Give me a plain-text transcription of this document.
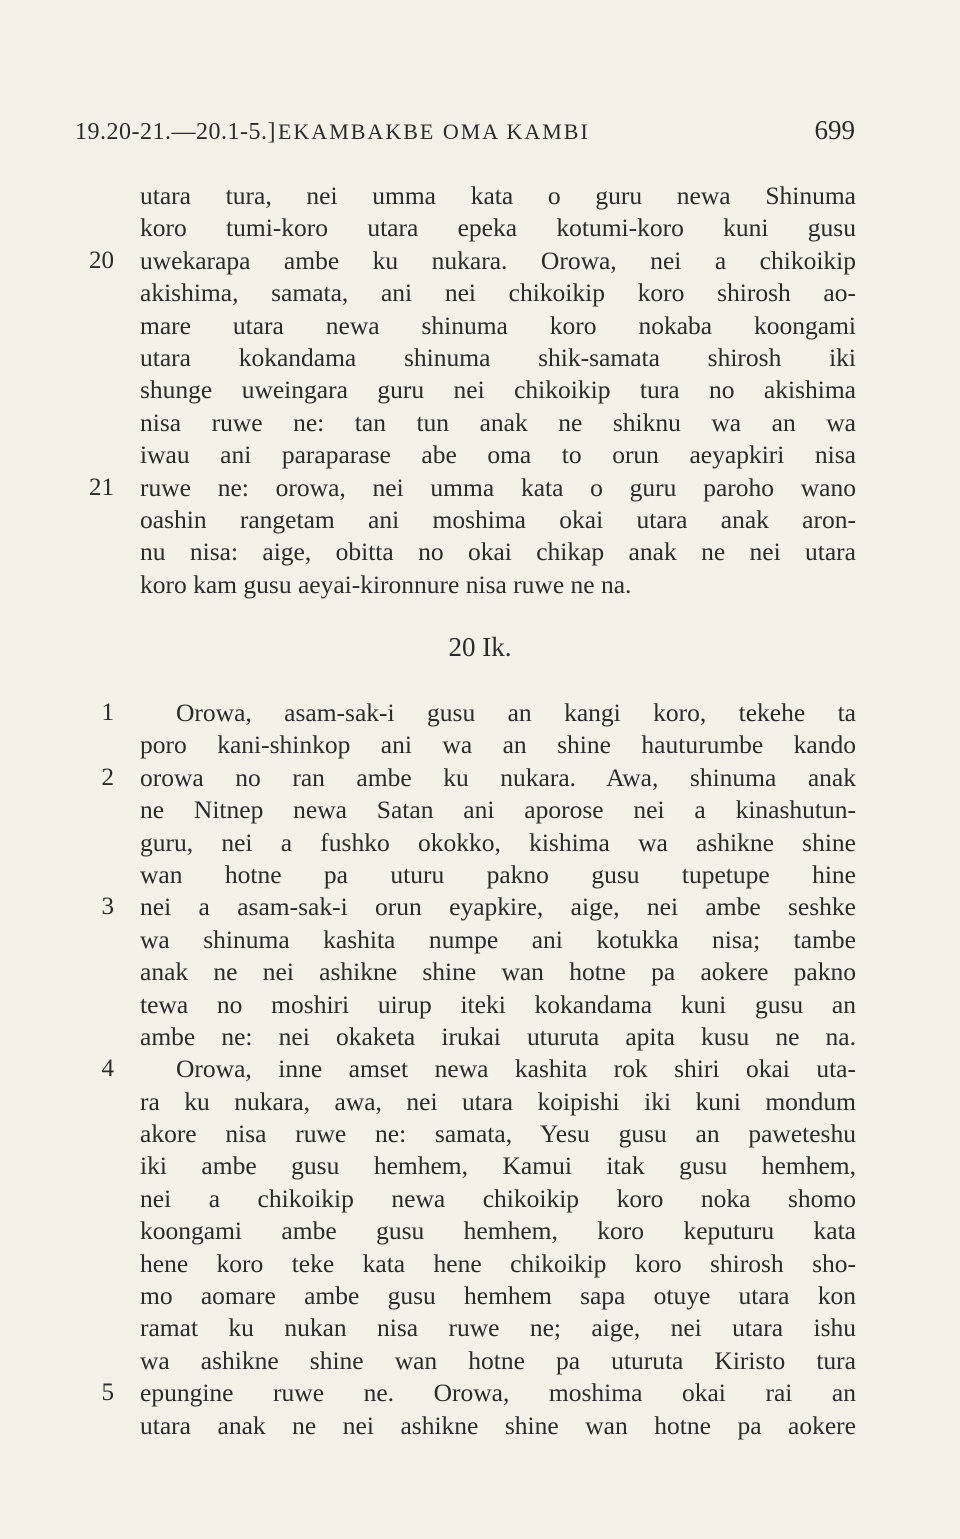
19.20-21.—20.1-5.] EKAMBAKBE OMA KAMBI	699
utara tura, nei umma kata o guru newa Shinuma
koro tumi-koro utara epeka kotumi-koro kuni gusu
20 uwekarapa ambe ku nukara. Orowa, nei a chikoikip
akishima, samata, ani nei chikoikip koro shirosh ao-
mare utara newa shinuma koro nokaba koongami
utara kokandama shinuma shik-samata shirosh iki
shunge uweingara guru nei chikoikip tura no akishima
nisa ruwe ne: tan tun anak ne shiknu wa an wa
iwau ani paraparase abe oma to orun aeyapkiri nisa
21 ruwe ne: orowa, nei umma kata o guru paroho wano
oashin rangetam ani moshima okai utara anak aron-
nu nisa: aige, obitta no okai chikap anak ne nei utara
koro kam gusu aeyai-kironnure nisa ruwe ne na.
20 Ik.
1 Orowa, asam-sak-i gusu an kangi koro, tekehe ta
poro kani-shinkop ani wa an shine hauturumbe kando
2 orowa no ran ambe ku nukara. Awa, shinuma anak
ne Nitnep newa Satan ani aporose nei a kinashutun-
guru, nei a fushko okokko, kishima wa ashikne shine
wan hotne pa uturu pakno gusu tupetupe hine
3 nei a asam-sak-i orun eyapkire, aige, nei ambe seshke
wa shinuma kashita numpe ani kotukka nisa; tambe
anak ne nei ashikne shine wan hotne pa aokere pakno
tewa no moshiri uirup iteki kokandama kuni gusu an
ambe ne: nei okaketa irukai uturuta apita kusu ne na.
4 Orowa, inne amset newa kashita rok shiri okai uta-
ra ku nukara, awa, nei utara koipishi iki kuni mondum
akore nisa ruwe ne: samata, Yesu gusu an paweteshu
iki ambe gusu hemhem, Kamui itak gusu hemhem,
nei a chikoikip newa chikoikip koro noka shomo
koongami ambe gusu hemhem, koro keputuru kata
hene koro teke kata hene chikoikip koro shirosh sho-
mo aomare ambe gusu hemhem sapa otuye utara kon
ramat ku nukan nisa ruwe ne; aige, nei utara ishu
wa ashikne shine wan hotne pa uturuta Kiristo tura
5 epungine ruwe ne. Orowa, moshima okai rai an
utara anak ne nei ashikne shine wan hotne pa aokere
